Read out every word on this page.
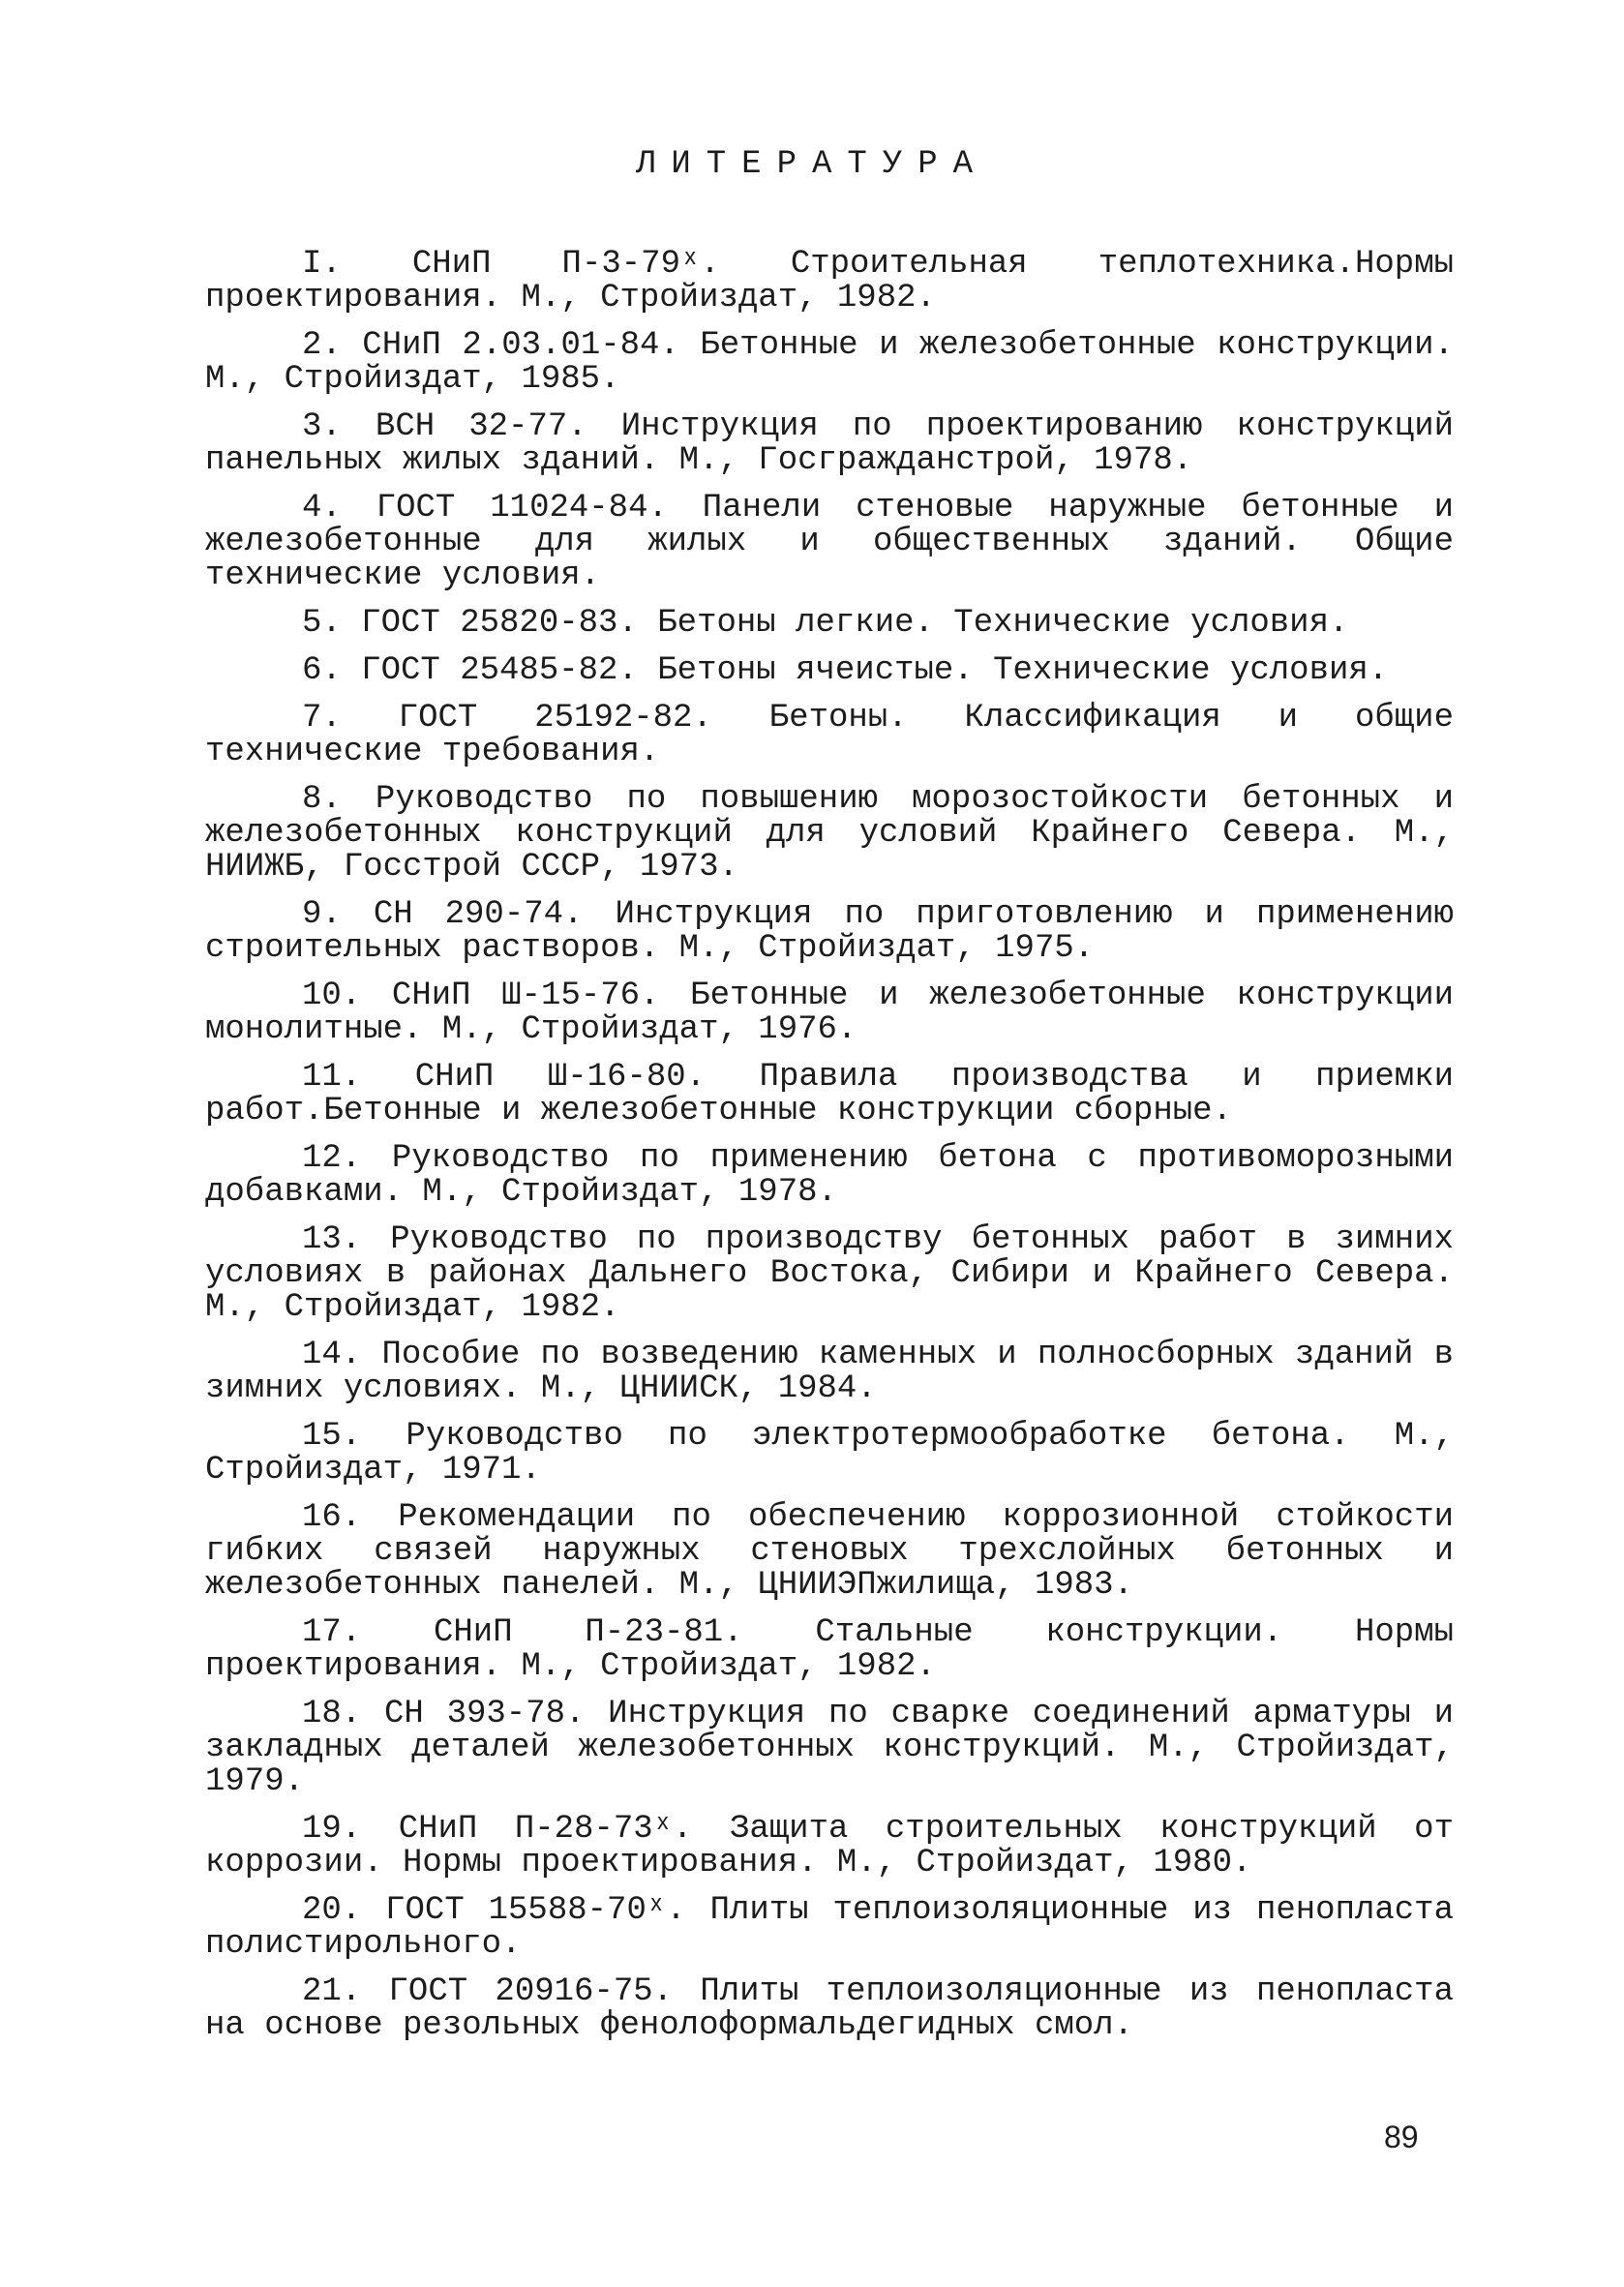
ЛИТЕРАТУРА
I. СНиП П-3-79ˣ. Строительная теплотехника.Нормы проектирования. М., Стройиздат, 1982.
2. СНиП 2.03.01-84. Бетонные и железобетонные конструкции. М., Стройиздат, 1985.
3. ВСН 32-77. Инструкция по проектированию конструкций панельных жилых зданий. М., Госгражданстрой, 1978.
4. ГОСТ 11024-84. Панели стеновые наружные бетонные и железобетонные для жилых и общественных зданий. Общие технические условия.
5. ГОСТ 25820-83. Бетоны легкие. Технические условия.
6. ГОСТ 25485-82. Бетоны ячеистые. Технические условия.
7. ГОСТ 25192-82. Бетоны. Классификация и общие технические требования.
8. Руководство по повышению морозостойкости бетонных и железобетонных конструкций для условий Крайнего Севера. М., НИИЖБ, Госстрой СССР, 1973.
9. СН 290-74. Инструкция по приготовлению и применению строительных растворов. М., Стройиздат, 1975.
10. СНиП Ш-15-76. Бетонные и железобетонные конструкции монолитные. М., Стройиздат, 1976.
11. СНиП Ш-16-80. Правила производства и приемки работ.Бетонные и железобетонные конструкции сборные.
12. Руководство по применению бетона с противоморозными добавками. М., Стройиздат, 1978.
13. Руководство по производству бетонных работ в зимних условиях в районах Дальнего Востока, Сибири и Крайнего Севера. М., Стройиздат, 1982.
14. Пособие по возведению каменных и полносборных зданий в зимних условиях. М., ЦНИИСК, 1984.
15. Руководство по электротермообработке бетона. М., Стройиздат, 1971.
16. Рекомендации по обеспечению коррозионной стойкости гибких связей наружных стеновых трехслойных бетонных и железобетонных панелей. М., ЦНИИЭПжилища, 1983.
17. СНиП П-23-81. Стальные конструкции. Нормы проектирования. М., Стройиздат, 1982.
18. СН 393-78. Инструкция по сварке соединений арматуры и закладных деталей железобетонных конструкций. М., Стройиздат, 1979.
19. СНиП П-28-73ˣ. Защита строительных конструкций от коррозии. Нормы проектирования. М., Стройиздат, 1980.
20. ГОСТ 15588-70ˣ. Плиты теплоизоляционные из пенопласта полистирольного.
21. ГОСТ 20916-75. Плиты теплоизоляционные из пенопласта на основе резольных фенолоформальдегидных смол.
89
